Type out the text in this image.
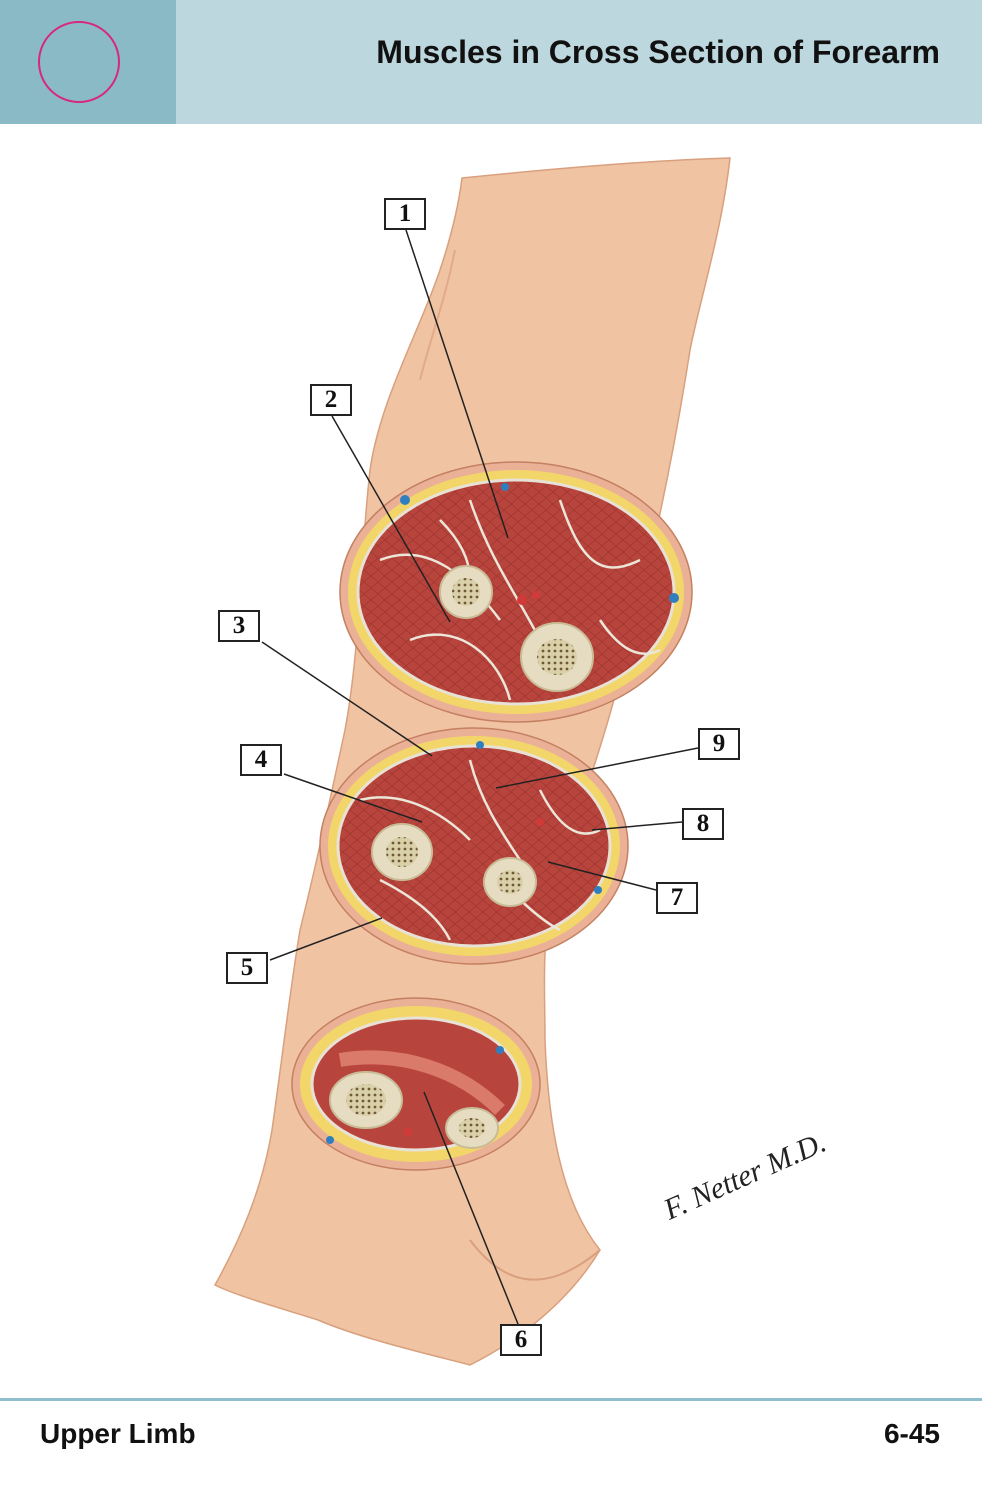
Muscles in Cross Section of Forearm
F. Netter M.D.
1
2
3
4
5
6
7
8
9
Upper Limb	6-45
